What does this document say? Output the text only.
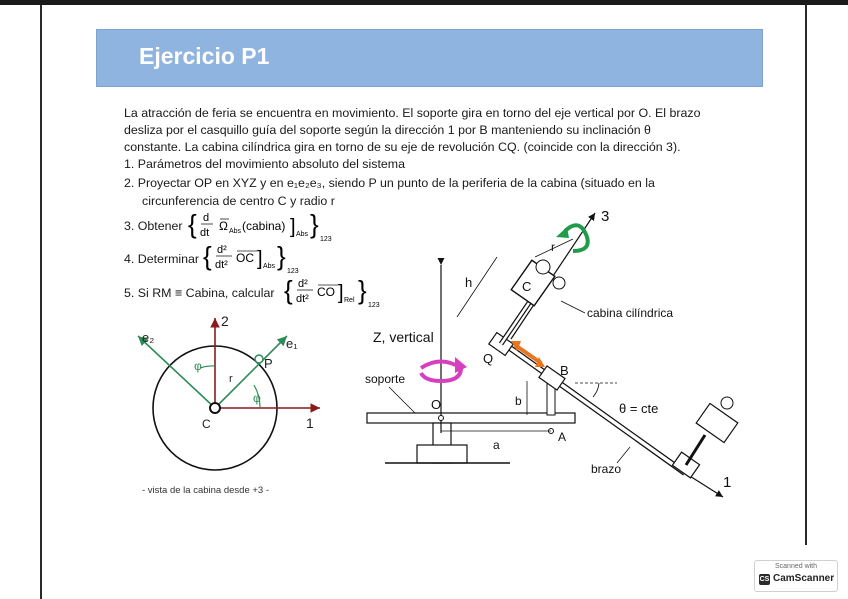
Ejercicio P1
La atracción de feria se encuentra en movimiento. El soporte gira en torno del eje vertical por O. El brazo
desliza por el casquillo guía del soporte según la dirección 1 por B manteniendo su inclinación θ
constante. La cabina cilíndrica gira en torno de su eje de revolución CQ. (coincide con la dirección 3).
1. Parámetros del movimiento absoluto del sistema
2. Proyectar OP en XYZ y en e₁e₂e₃, siendo P un punto de la periferia de la cabina (situado en la
circunferencia de centro C y radio r
3. Obtener { d
dt Ω Abs (cabina) ] Abs }
123
4. Determinar { d²
dt² OC ] Abs }
123
5. Si RM ≡ Cabina, calcular { d²
dt² CO ] Rel }
123
2
1
e₂	e₁
φ
φ
r
P
C
- vista de la cabina desde +3 -
3
Z, vertical
soporte
O
A
a
b
1
B
Q
θ = cte
brazo
C
r
h
cabina cilíndrica
Scanned with
CS CamScanner
